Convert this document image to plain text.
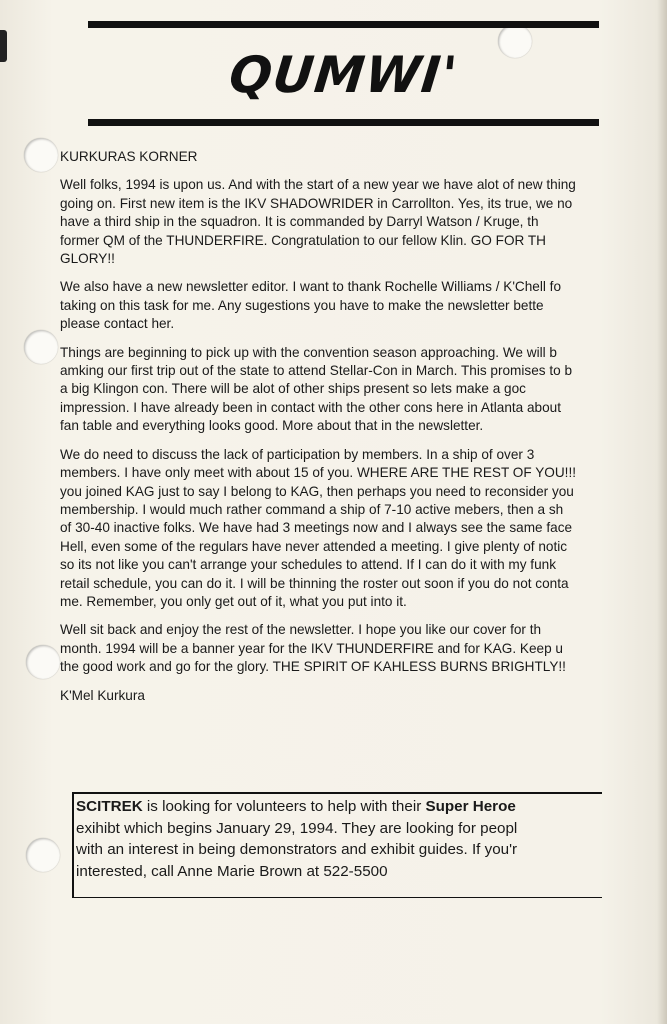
QUMWI'

KURKURAS KORNER

Well folks, 1994 is upon us. And with the start of a new year we have alot of new thing
going on. First new item is the IKV SHADOWRIDER in Carrollton. Yes, its true, we no
have a third ship in the squadron. It is commanded by Darryl Watson / Kruge, th
former QM of the THUNDERFIRE. Congratulation to our fellow Klin. GO FOR TH
GLORY!!

We also have a new newsletter editor. I want to thank Rochelle Williams / K'Chell fo
taking on this task for me. Any sugestions you have to make the newsletter bette
please contact her.

Things are beginning to pick up with the convention season approaching. We will b
amking our first trip out of the state to attend Stellar-Con in March. This promises to b
a big Klingon con. There will be alot of other ships present so lets make a goc
impression. I have already been in contact with the other cons here in Atlanta about
fan table and everything looks good. More about that in the newsletter.

We do need to discuss the lack of participation by members. In a ship of over 3
members. I have only meet with about 15 of you. WHERE ARE THE REST OF YOU!!!
you joined KAG just to say I belong to KAG, then perhaps you need to reconsider you
membership. I would much rather command a ship of 7-10 active mebers, then a sh
of 30-40 inactive folks. We have had 3 meetings now and I always see the same face
Hell, even some of the regulars have never attended a meeting. I give plenty of notic
so its not like you can't arrange your schedules to attend. If I can do it with my funk
retail schedule, you can do it. I will be thinning the roster out soon if you do not conta
me. Remember, you only get out of it, what you put into it.

Well sit back and enjoy the rest of the newsletter. I hope you like our cover for th
month. 1994 will be a banner year for the IKV THUNDERFIRE and for KAG. Keep u
the good work and go for the glory. THE SPIRIT OF KAHLESS BURNS BRIGHTLY!!

K'Mel Kurkura

SCITREK is looking for volunteers to help with their Super Heroe
exihibt which begins January 29, 1994. They are looking for peopl
with an interest in being demonstrators and exhibit guides. If you'r
interested, call Anne Marie Brown at 522-5500
